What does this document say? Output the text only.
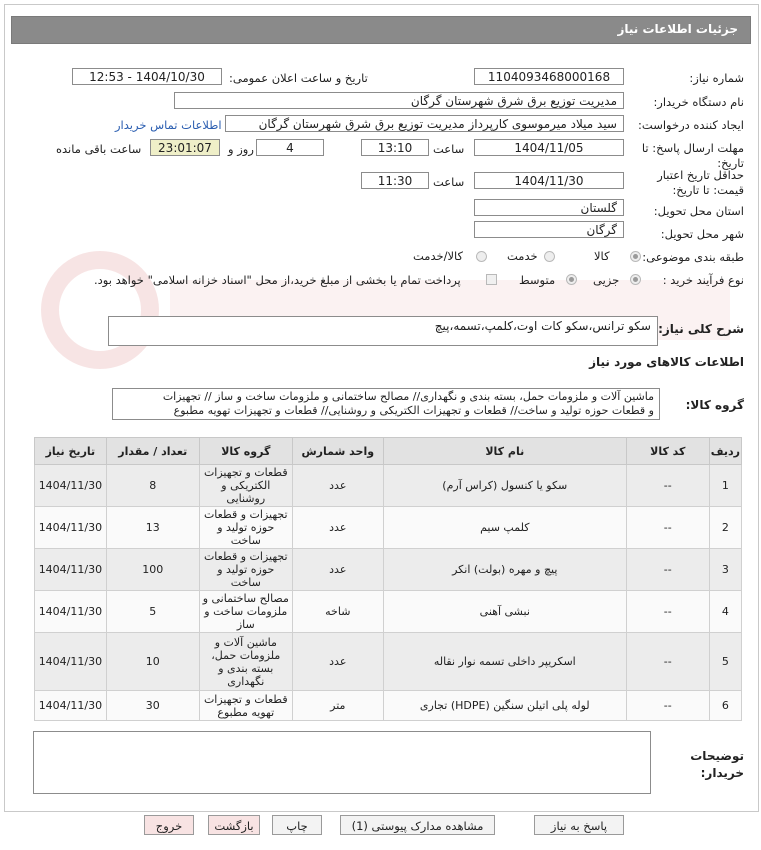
جزئیات اطلاعات نیاز
شماره نیاز:
1104093468000168
تاریخ و ساعت اعلان عمومی:
1404/10/30 - 12:53
نام دستگاه خریدار:
مدیریت توزیع برق شرق شهرستان گرگان
ایجاد کننده درخواست:
سید میلاد میرموسوی کارپرداز مدیریت توزیع برق شرق شهرستان گرگان
اطلاعات تماس خریدار
مهلت ارسال پاسخ: تا
تاریخ:
1404/11/05
ساعت
13:10
4
روز و
23:01:07
ساعت باقی مانده
حداقل تاریخ اعتبار
قیمت: تا تاریخ:
1404/11/30
ساعت
11:30
استان محل تحویل:
گلستان
شهر محل تحویل:
گرگان
طبقه بندی موضوعی:
کالا
خدمت
کالا/خدمت
نوع فرآیند خرید :
جزیی
متوسط
پرداخت تمام یا بخشی از مبلغ خرید،از محل "اسناد خزانه اسلامی" خواهد بود.
شرح کلی نیاز:
سکو ترانس،سکو کات اوت،کلمپ،تسمه،پیچ
اطلاعات کالاهای مورد نیاز
گروه کالا:
ماشین آلات و ملزومات حمل، بسته بندی و نگهداری// مصالح ساختمانی و ملزومات ساخت و ساز // تجهیزات
و قطعات حوزه تولید و ساخت// قطعات و تجهیزات الکتریکی و روشنایی// قطعات و تجهیزات تهویه مطبوع
ردیف	کد کالا	نام کالا	واحد شمارش	گروه کالا	تعداد / مقدار	تاریخ نیاز
1	--	سکو یا کنسول (کراس آرم)	عدد	قطعات و تجهیزات الکتریکی و روشنایی	8	1404/11/30
2	--	کلمپ سیم	عدد	تجهیزات و قطعات حوزه تولید و ساخت	13	1404/11/30
3	--	پیچ و مهره (بولت) انکر	عدد	تجهیزات و قطعات حوزه تولید و ساخت	100	1404/11/30
4	--	نبشی آهنی	شاخه	مصالح ساختمانی و ملزومات ساخت و ساز	5	1404/11/30
5	--	اسکریپر داخلی تسمه نوار نقاله	عدد	ماشین آلات و ملزومات حمل، بسته بندی و نگهداری	10	1404/11/30
6	--	لوله پلی اتیلن سنگین (HDPE) تجاری	متر	قطعات و تجهیزات تهویه مطبوع	30	1404/11/30
توضیحات خریدار:
پاسخ به نیاز
مشاهده مدارک پیوستی (1)
چاپ
بازگشت
خروج
